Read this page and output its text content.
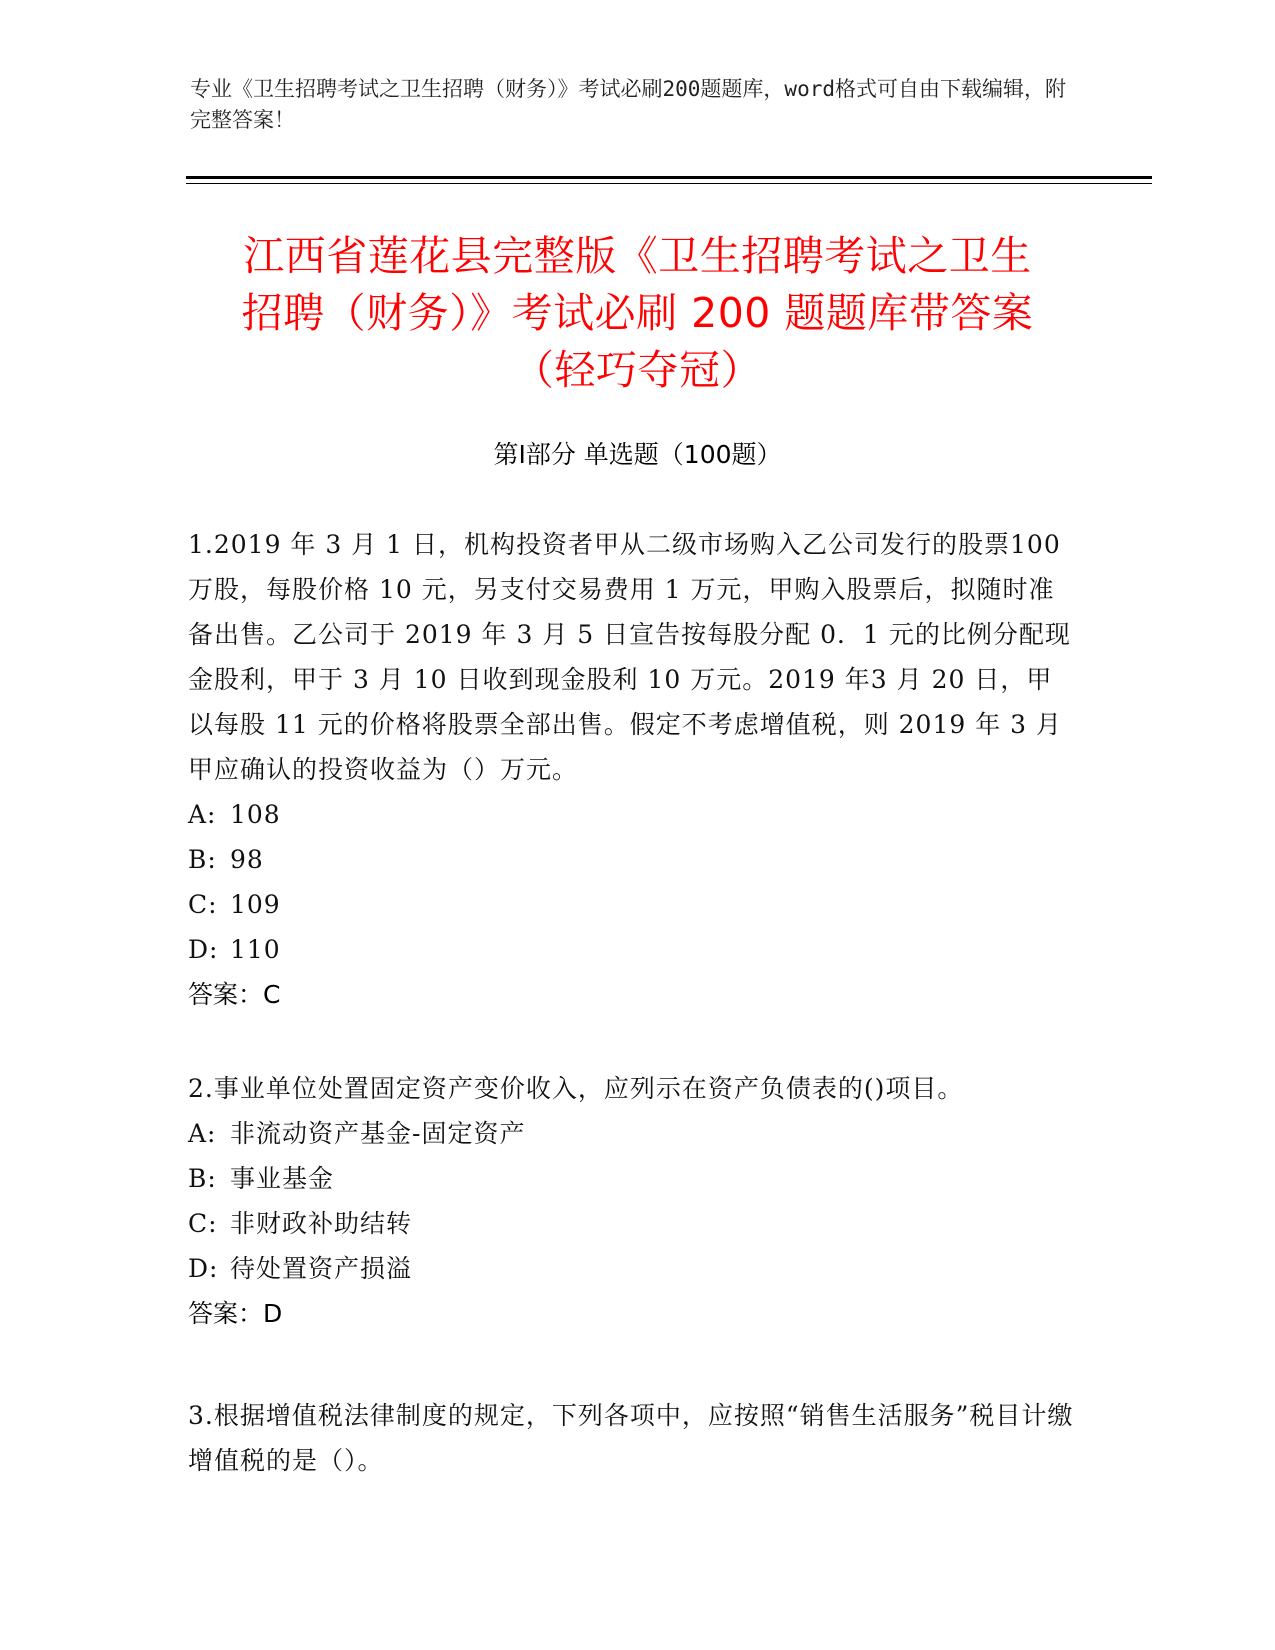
专业《卫生招聘考试之卫生招聘（财务）》考试必刷200题题库，word格式可自由下载编辑，附完整答案！
江西省莲花县完整版《卫生招聘考试之卫生
招聘（财务）》考试必刷 200 题题库带答案
（轻巧夺冠）
第Ⅰ部分 单选题（100题）
1.2019 年 3 月 1 日，机构投资者甲从二级市场购入乙公司发行的股票100 万股，每股价格 10 元，另支付交易费用 1 万元，甲购入股票后，拟随时准备出售。乙公司于 2019 年 3 月 5 日宣告按每股分配 0．1 元的比例分配现金股利，甲于 3 月 10 日收到现金股利 10 万元。2019 年3 月 20 日，甲以每股 11 元的价格将股票全部出售。假定不考虑增值税，则 2019 年 3 月甲应确认的投资收益为（）万元。
A: 108
B: 98
C: 109
D: 110
答案：C
2.事业单位处置固定资产变价收入，应列示在资产负债表的()项目。
A: 非流动资产基金-固定资产
B: 事业基金
C: 非财政补助结转
D: 待处置资产损溢
答案：D
3.根据增值税法律制度的规定，下列各项中，应按照“销售生活服务”税目计缴增值税的是（）。
